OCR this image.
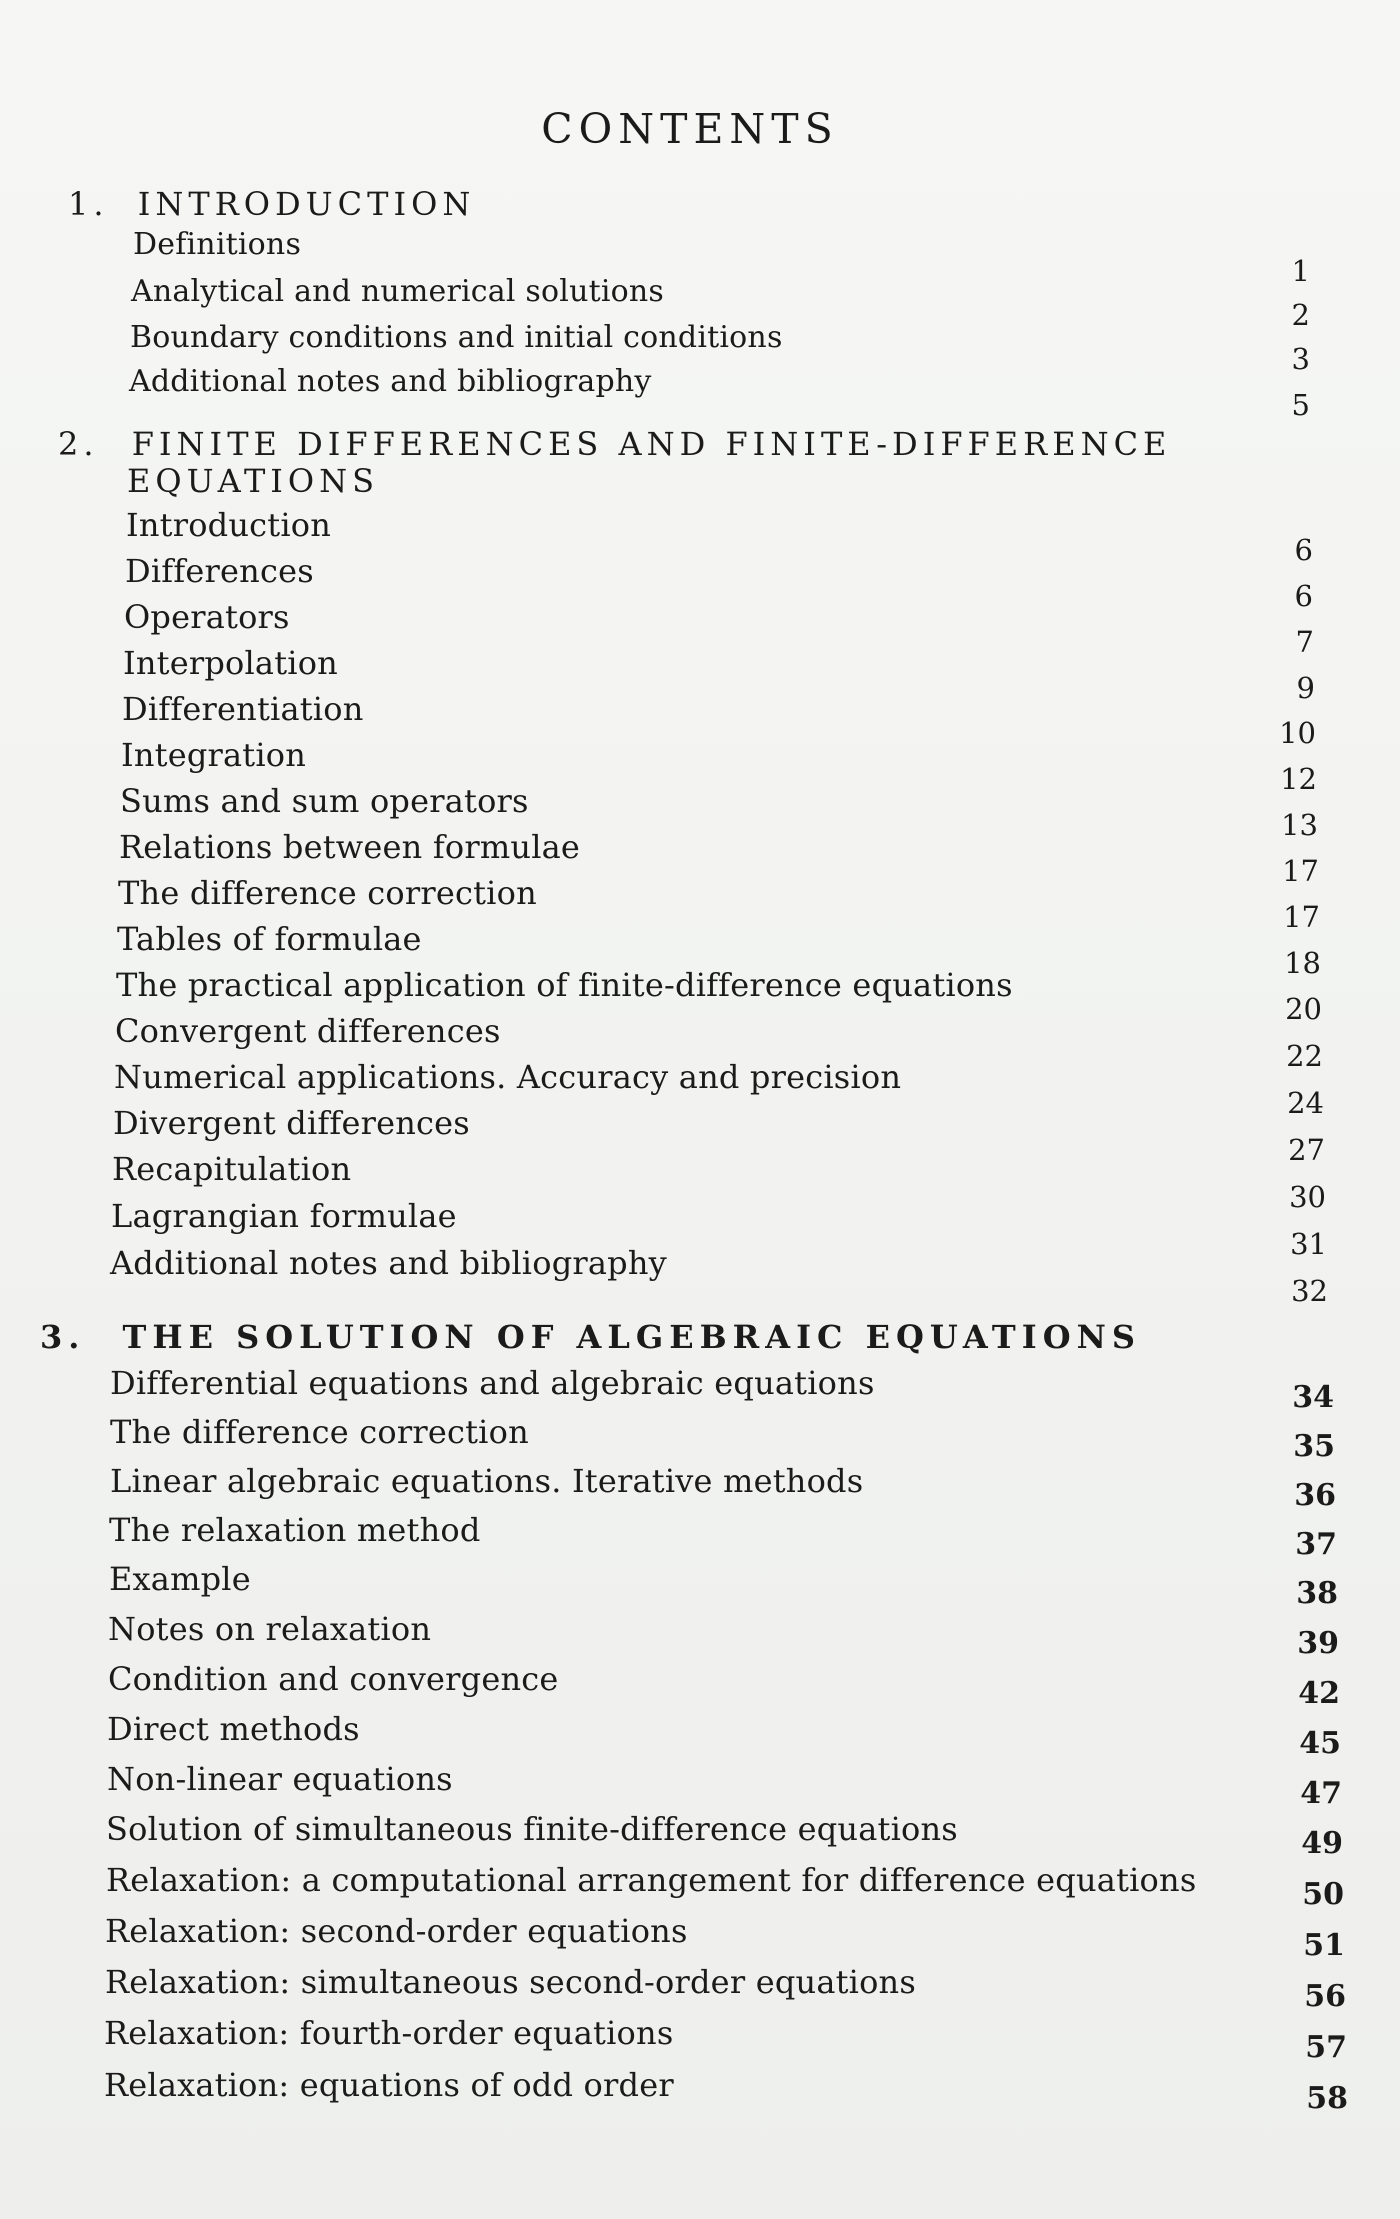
CONTENTS
1. INTRODUCTION
Definitions
Analytical and numerical solutions
Boundary conditions and initial conditions
Additional notes and bibliography
1
2
3
5
2. FINITE DIFFERENCES AND FINITE-DIFFERENCE
EQUATIONS
Introduction
Differences
Operators
Interpolation
Differentiation
Integration
Sums and sum operators
Relations between formulae
The difference correction
Tables of formulae
The practical application of finite-difference equations
Convergent differences
Numerical applications. Accuracy and precision
Divergent differences
Recapitulation
Lagrangian formulae
Additional notes and bibliography
6
6
7
9
10
12
13
17
17
18
20
22
24
27
30
31
32
3. THE SOLUTION OF ALGEBRAIC EQUATIONS
Differential equations and algebraic equations
The difference correction
Linear algebraic equations. Iterative methods
The relaxation method
Example
Notes on relaxation
Condition and convergence
Direct methods
Non-linear equations
Solution of simultaneous finite-difference equations
Relaxation: a computational arrangement for difference equations
Relaxation: second-order equations
Relaxation: simultaneous second-order equations
Relaxation: fourth-order equations
Relaxation: equations of odd order
34
35
36
37
38
39
42
45
47
49
50
51
56
57
58
